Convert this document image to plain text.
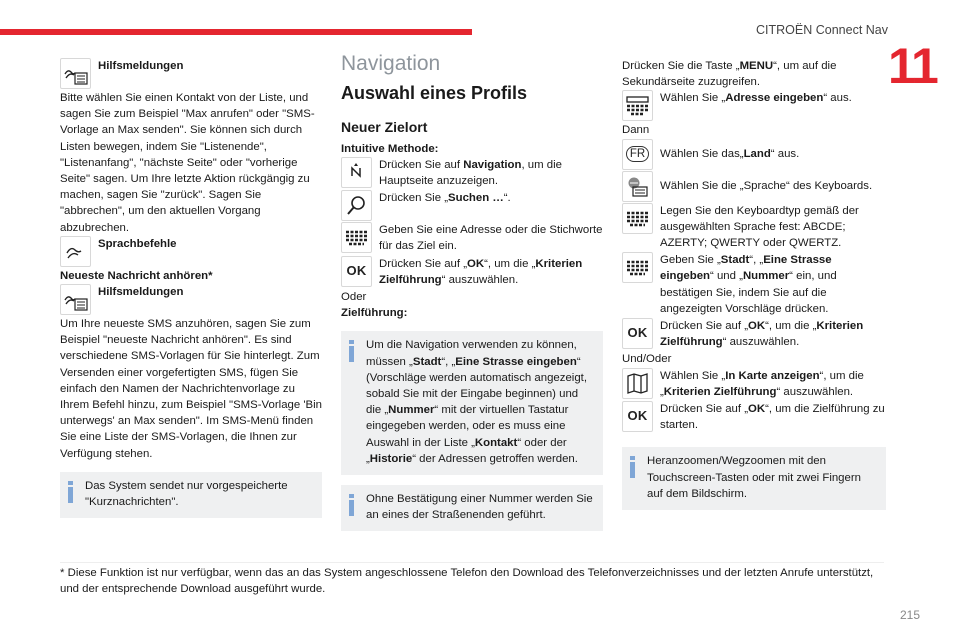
CITROËN Connect Nav
11
Hilfsmeldungen

Bitte wählen Sie einen Kontakt von der Liste, und sagen Sie zum Beispiel "Max anrufen" oder "SMS-Vorlage an Max senden". Sie können sich durch Listen bewegen, indem Sie "Listenende", "Listenanfang", "nächste Seite" oder "vorherige Seite" sagen. Um Ihre letzte Aktion rückgängig zu machen, sagen Sie "zurück". Sagen Sie "abbrechen", um den aktuellen Vorgang abzubrechen.

Sprachbefehle

Neueste Nachricht anhören*

Hilfsmeldungen

Um Ihre neueste SMS anzuhören, sagen Sie zum Beispiel "neueste Nachricht anhören". Es sind verschiedene SMS-Vorlagen für Sie hinterlegt. Zum Versenden einer vorgefertigten SMS, fügen Sie einfach den Namen der Nachrichtenvorlage zu Ihrem Befehl hinzu, zum Beispiel "SMS-Vorlage 'Bin unterwegs' an Max senden". Im SMS-Menü finden Sie eine Liste der SMS-Vorlagen, die Ihnen zur Verfügung stehen.

Das System sendet nur vorgespeicherte "Kurznachrichten".

Navigation

Auswahl eines Profils

Neuer Zielort

Intuitive Methode:

Drücken Sie auf Navigation, um die Hauptseite anzuzeigen.
Drücken Sie „Suchen …“.
Geben Sie eine Adresse oder die Stichworte für das Ziel ein.
OK Drücken Sie auf „OK“, um die „Kriterien Zielführung“ auszuwählen.

Oder

Zielführung:

Um die Navigation verwenden zu können, müssen „Stadt“, „Eine Strasse eingeben“ (Vorschläge werden automatisch angezeigt, sobald Sie mit der Eingabe beginnen) und die „Nummer“ mit der virtuellen Tastatur eingegeben werden, oder es muss eine Auswahl in der Liste „Kontakt“ oder der „Historie“ der Adressen getroffen werden.
Ohne Bestätigung einer Nummer werden Sie an eines der Straßenenden geführt.

Drücken Sie die Taste „MENU“, um auf die Sekundärseite zuzugreifen.

Wählen Sie „Adresse eingeben“ aus.

Dann

FR	Wählen Sie das„Land“ aus.
Wählen Sie die „Sprache“ des Keyboards.
Legen Sie den Keyboardtyp gemäß der ausgewählten Sprache fest: ABCDE; AZERTY; QWERTY oder QWERTZ.
Geben Sie „Stadt“, „Eine Strasse eingeben“ und „Nummer“ ein, und bestätigen Sie, indem Sie auf die angezeigten Vorschläge drücken.
OK Drücken Sie auf „OK“, um die „Kriterien Zielführung“ auszuwählen.

Und/Oder

Wählen Sie „In Karte anzeigen“, um die „Kriterien Zielführung“ auszuwählen.
OK Drücken Sie auf „OK“, um die Zielführung zu starten.
Heranzoomen/Wegzoomen mit den Touchscreen-Tasten oder mit zwei Fingern auf dem Bildschirm.
* Diese Funktion ist nur verfügbar, wenn das an das System angeschlossene Telefon den Download des Telefonverzeichnisses und der letzten Anrufe unterstützt, und der entsprechende Download ausgeführt wurde.
215
